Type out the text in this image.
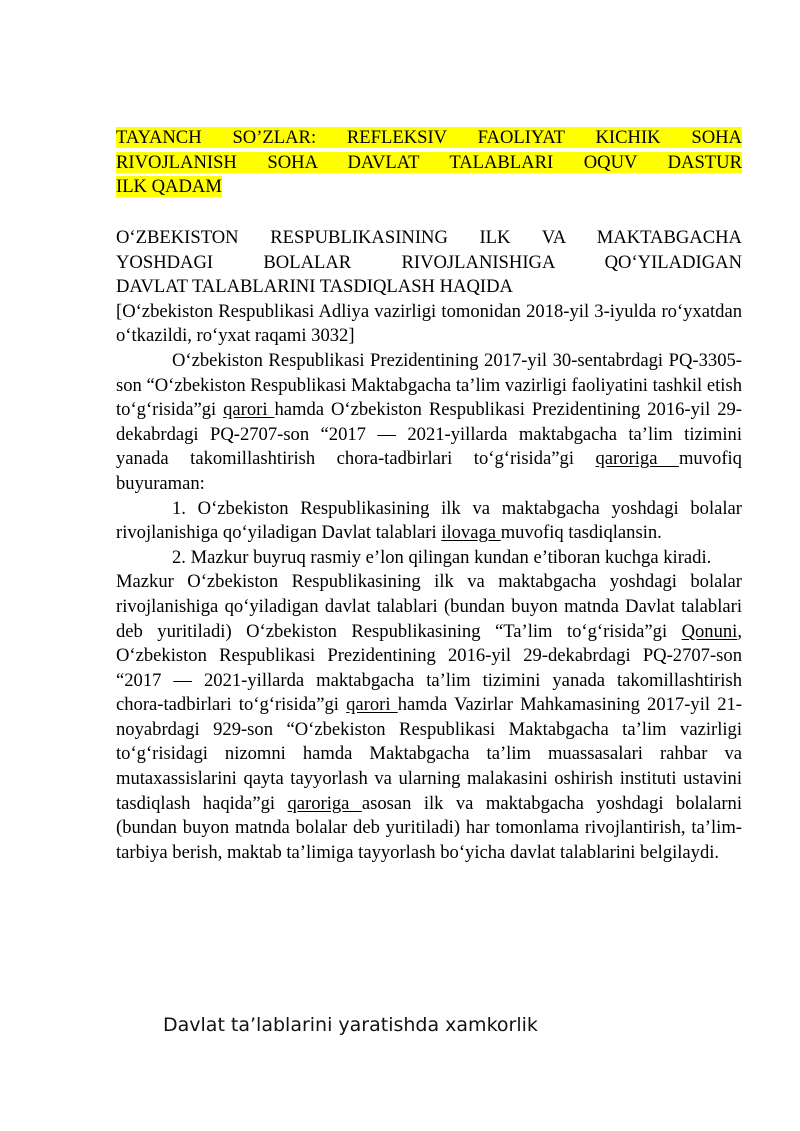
TAYANCH SO’ZLAR: REFLEKSIV FAOLIYAT KICHIK SOHA
RIVOJLANISH SOHA DAVLAT TALABLARI OQUV DASTUR
ILK QADAM
O‘ZBEKISTON RESPUBLIKASINING ILK VA MAKTABGACHA
YOSHDAGI BOLALAR RIVOJLANISHIGA QO‘YILADIGAN
DAVLAT TALABLARINI TASDIQLASH HAQIDA

[O‘zbekiston Respublikasi Adliya vazirligi tomonidan 2018-yil 3-iyulda ro‘yxatdan o‘tkazildi, ro‘yxat raqami 3032]

O‘zbekiston Respublikasi Prezidentining 2017-yil 30-sentabrdagi PQ-3305-son “O‘zbekiston Respublikasi Maktabgacha ta’lim vazirligi faoliyatini tashkil etish to‘g‘risida”gi qarori hamda O‘zbekiston Respublikasi Prezidentining 2016-yil 29-dekabrdagi PQ-2707-son “2017 — 2021-yillarda maktabgacha ta’lim tizimini yanada takomillashtirish chora-tadbirlari to‘g‘risida”gi qaroriga muvofiq buyuraman:

1. O‘zbekiston Respublikasining ilk va maktabgacha yoshdagi bolalar rivojlanishiga qo‘yiladigan Davlat talablari ilovaga muvofiq tasdiqlansin.

2. Mazkur buyruq rasmiy e’lon qilingan kundan e’tiboran kuchga kiradi.

Mazkur O‘zbekiston Respublikasining ilk va maktabgacha yoshdagi bolalar rivojlanishiga qo‘yiladigan davlat talablari (bundan buyon matnda Davlat talablari deb yuritiladi) O‘zbekiston Respublikasining “Ta’lim to‘g‘risida”gi Qonuni, O‘zbekiston Respublikasi Prezidentining 2016-yil 29-dekabrdagi PQ-2707-son “2017 — 2021-yillarda maktabgacha ta’lim tizimini yanada takomillashtirish chora-tadbirlari to‘g‘risida”gi qarori hamda Vazirlar Mahkamasining 2017-yil 21-noyabrdagi 929-son “O‘zbekiston Respublikasi Maktabgacha ta’lim vazirligi to‘g‘risidagi nizomni hamda Maktabgacha ta’lim muassasalari rahbar va mutaxassislarini qayta tayyorlash va ularning malakasini oshirish instituti ustavini tasdiqlash haqida”gi qaroriga asosan ilk va maktabgacha yoshdagi bolalarni (bundan buyon matnda bolalar deb yuritiladi) har tomonlama rivojlantirish, ta’lim-tarbiya berish, maktab ta’limiga tayyorlash bo‘yicha davlat talablarini belgilaydi.

Davlat ta’lablarini yaratishda xamkorlik
